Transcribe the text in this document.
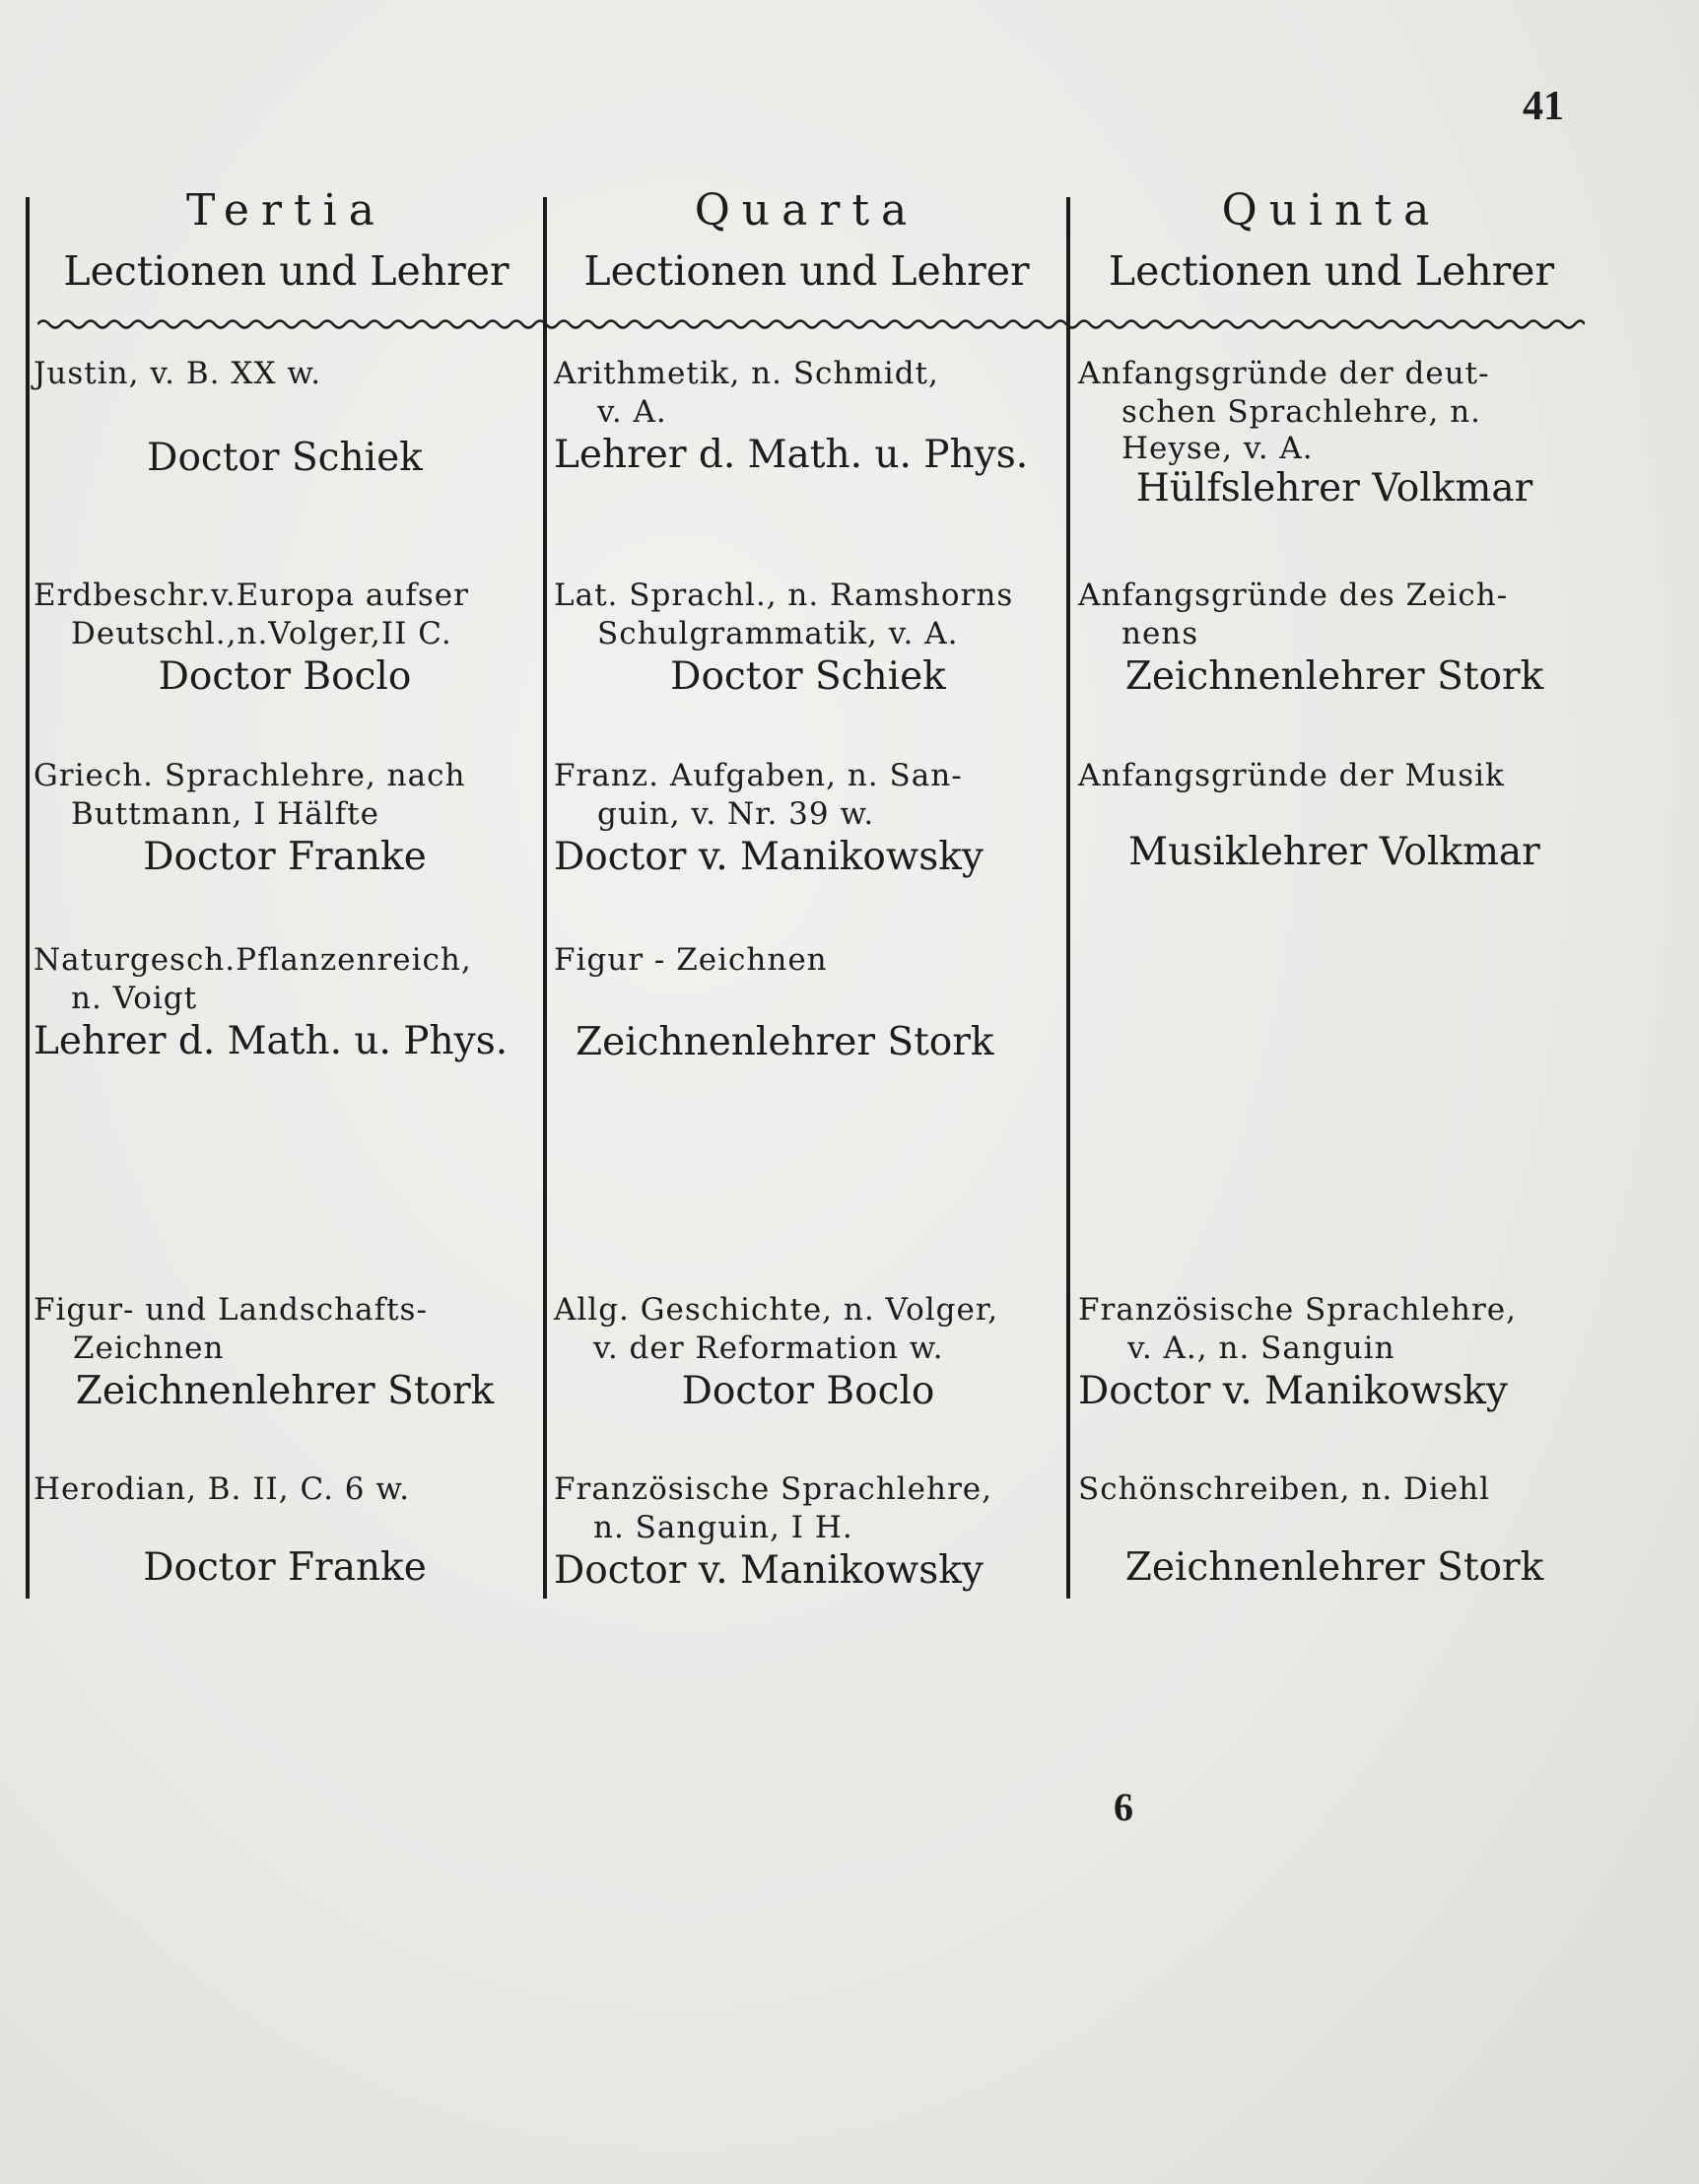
41
Tertia
Lectionen und Lehrer
Quarta
Lectionen und Lehrer
Quinta
Lectionen und Lehrer
Justin, v. B. XX w.
Doctor Schiek
Erdbeschr.v.Europa aufser
Deutschl.,n.Volger,II C.
Doctor Boclo
Griech. Sprachlehre, nach
Buttmann, I Hälfte
Doctor Franke
Naturgesch.Pflanzenreich,
n. Voigt
Lehrer d. Math. u. Phys.
Figur- und Landschafts-
Zeichnen
Zeichnenlehrer Stork
Herodian, B. II, C. 6 w.
Doctor Franke
Arithmetik, n. Schmidt,
v. A.
Lehrer d. Math. u. Phys.
Lat. Sprachl., n. Ramshorns
Schulgrammatik, v. A.
Doctor Schiek
Franz. Aufgaben, n. San-
guin, v. Nr. 39 w.
Doctor v. Manikowsky
Figur - Zeichnen
Zeichnenlehrer Stork
Allg. Geschichte, n. Volger,
v. der Reformation w.
Doctor Boclo
Französische Sprachlehre,
n. Sanguin, I H.
Doctor v. Manikowsky
Anfangsgründe der deut-
schen Sprachlehre, n.
Heyse, v. A.
Hülfslehrer Volkmar
Anfangsgründe des Zeich-
nens
Zeichnenlehrer Stork
Anfangsgründe der Musik
Musiklehrer Volkmar
Französische Sprachlehre,
v. A., n. Sanguin
Doctor v. Manikowsky
Schönschreiben, n. Diehl
Zeichnenlehrer Stork
6
